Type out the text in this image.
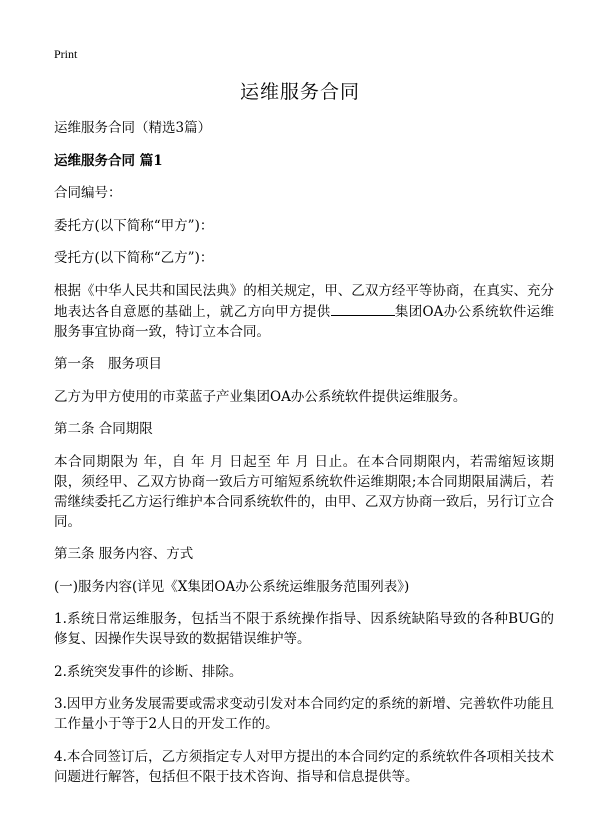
Print
运维服务合同

运维服务合同（精选3篇）

运维服务合同 篇1

合同编号：

委托方(以下简称“甲方”)：

受托方(以下简称“乙方”)：

根据《中华人民共和国民法典》的相关规定，甲、乙双方经平等协商，在真实、充分地表达各自意愿的基础上，就乙方向甲方提供	集团OA办公系统软件运维服务事宜协商一致，特订立本合同。

第一条　服务项目

乙方为甲方使用的市菜蓝子产业集团OA办公系统软件提供运维服务。

第二条 合同期限

本合同期限为 年，自 年 月 日起至 年 月 日止。在本合同期限内，若需缩短该期限，须经甲、乙双方协商一致后方可缩短系统软件运维期限;本合同期限届满后，若需继续委托乙方运行维护本合同系统软件的，由甲、乙双方协商一致后，另行订立合同。

第三条 服务内容、方式

(一)服务内容(详见《X集团OA办公系统运维服务范围列表》)

1.系统日常运维服务，包括当不限于系统操作指导、因系统缺陷导致的各种BUG的修复、因操作失误导致的数据错误维护等。

2.系统突发事件的诊断、排除。

3.因甲方业务发展需要或需求变动引发对本合同约定的系统的新增、完善软件功能且工作量小于等于2人日的开发工作的。

4.本合同签订后，乙方须指定专人对甲方提出的本合同约定的系统软件各项相关技术问题进行解答，包括但不限于技术咨询、指导和信息提供等。
